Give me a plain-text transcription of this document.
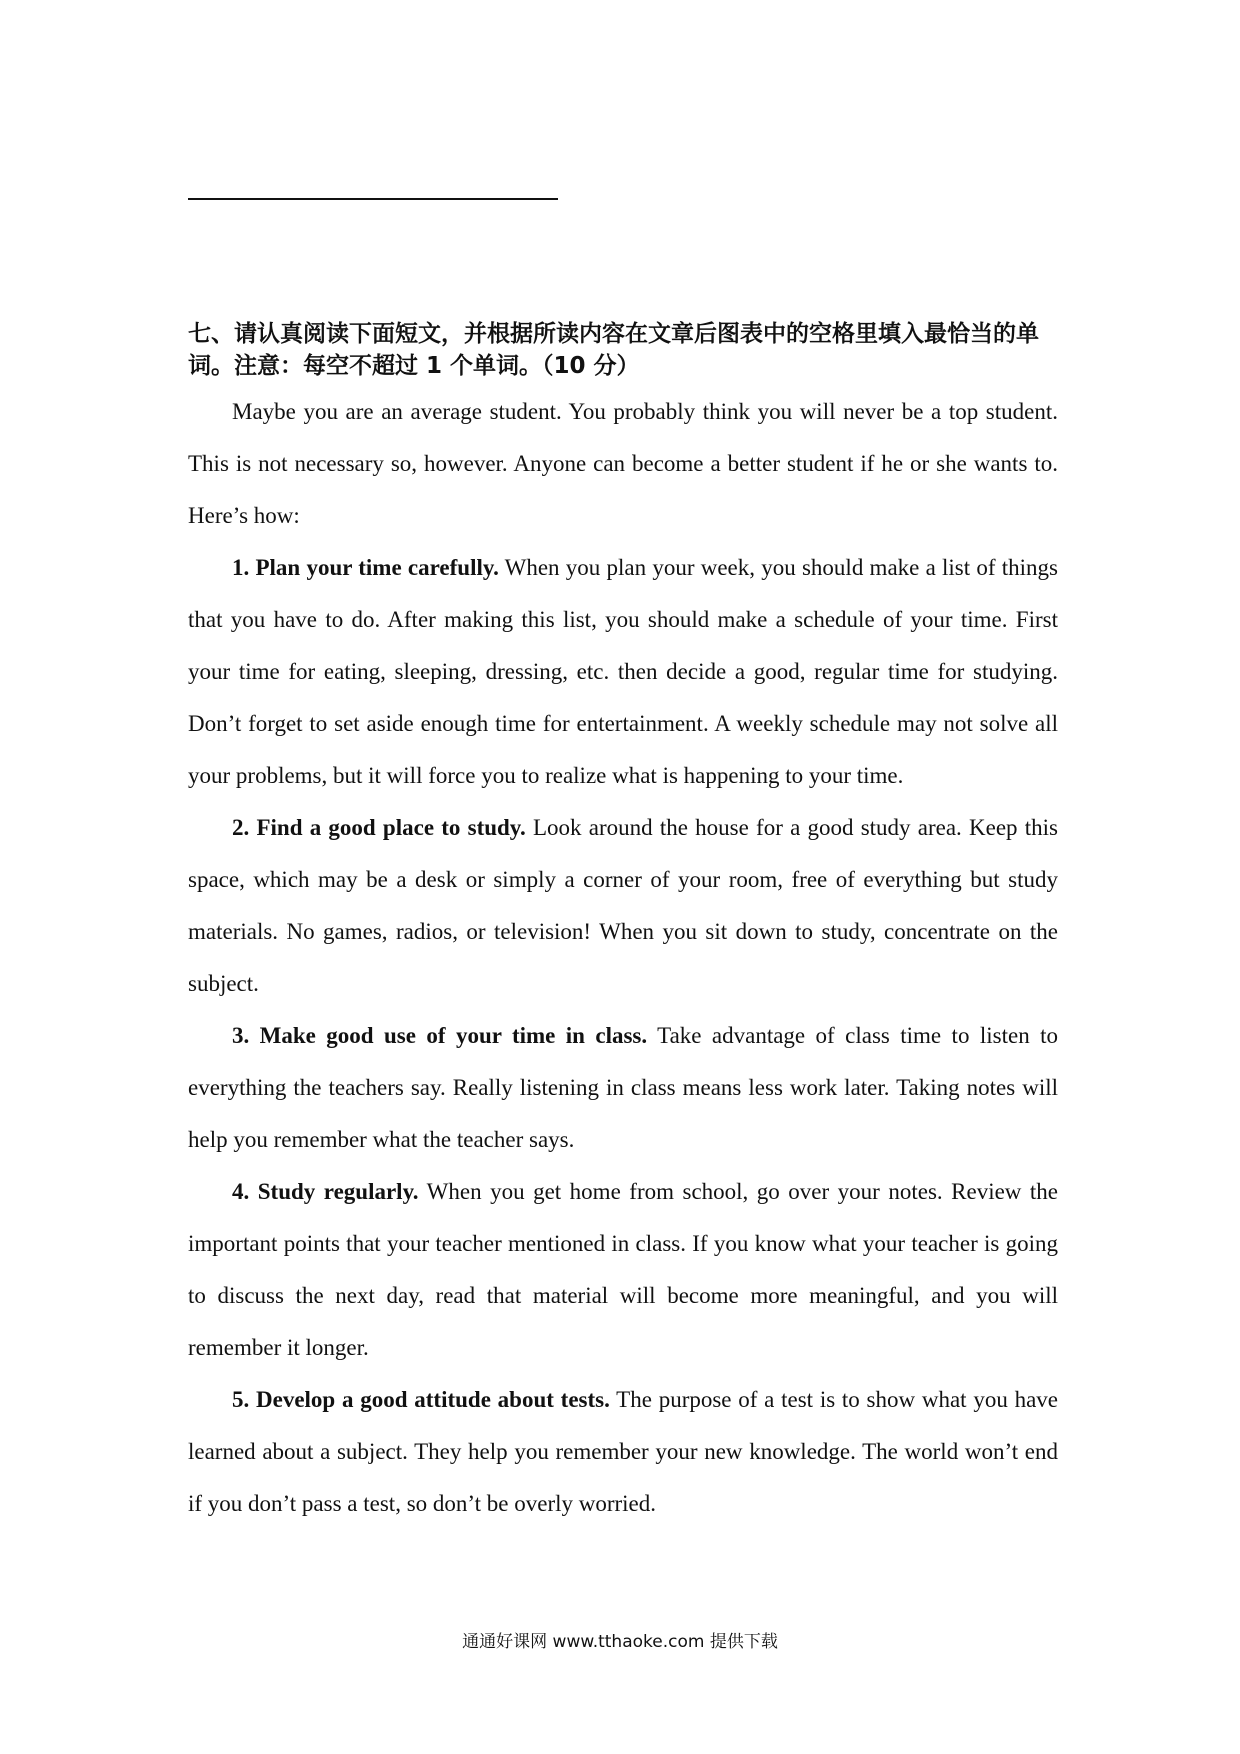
七、请认真阅读下面短文，并根据所读内容在文章后图表中的空格里填入最恰当的单词。注意：每空不超过 1 个单词。（10 分）

Maybe you are an average student. You probably think you will never be a top student. This is not necessary so, however. Anyone can become a better student if he or she wants to. Here’s how:

1. Plan your time carefully. When you plan your week, you should make a list of things that you have to do. After making this list, you should make a schedule of your time. First your time for eating, sleeping, dressing, etc. then decide a good, regular time for studying. Don’t forget to set aside enough time for entertainment. A weekly schedule may not solve all your problems, but it will force you to realize what is happening to your time.

2. Find a good place to study. Look around the house for a good study area. Keep this space, which may be a desk or simply a corner of your room, free of everything but study materials. No games, radios, or television! When you sit down to study, concentrate on the subject.

3. Make good use of your time in class. Take advantage of class time to listen to everything the teachers say. Really listening in class means less work later. Taking notes will help you remember what the teacher says.

4. Study regularly. When you get home from school, go over your notes. Review the important points that your teacher mentioned in class. If you know what your teacher is going to discuss the next day, read that material will become more meaningful, and you will remember it longer.

5. Develop a good attitude about tests. The purpose of a test is to show what you have learned about a subject. They help you remember your new knowledge. The world won’t end if you don’t pass a test, so don’t be overly worried.

通通好课网 www.tthaoke.com 提供下载
